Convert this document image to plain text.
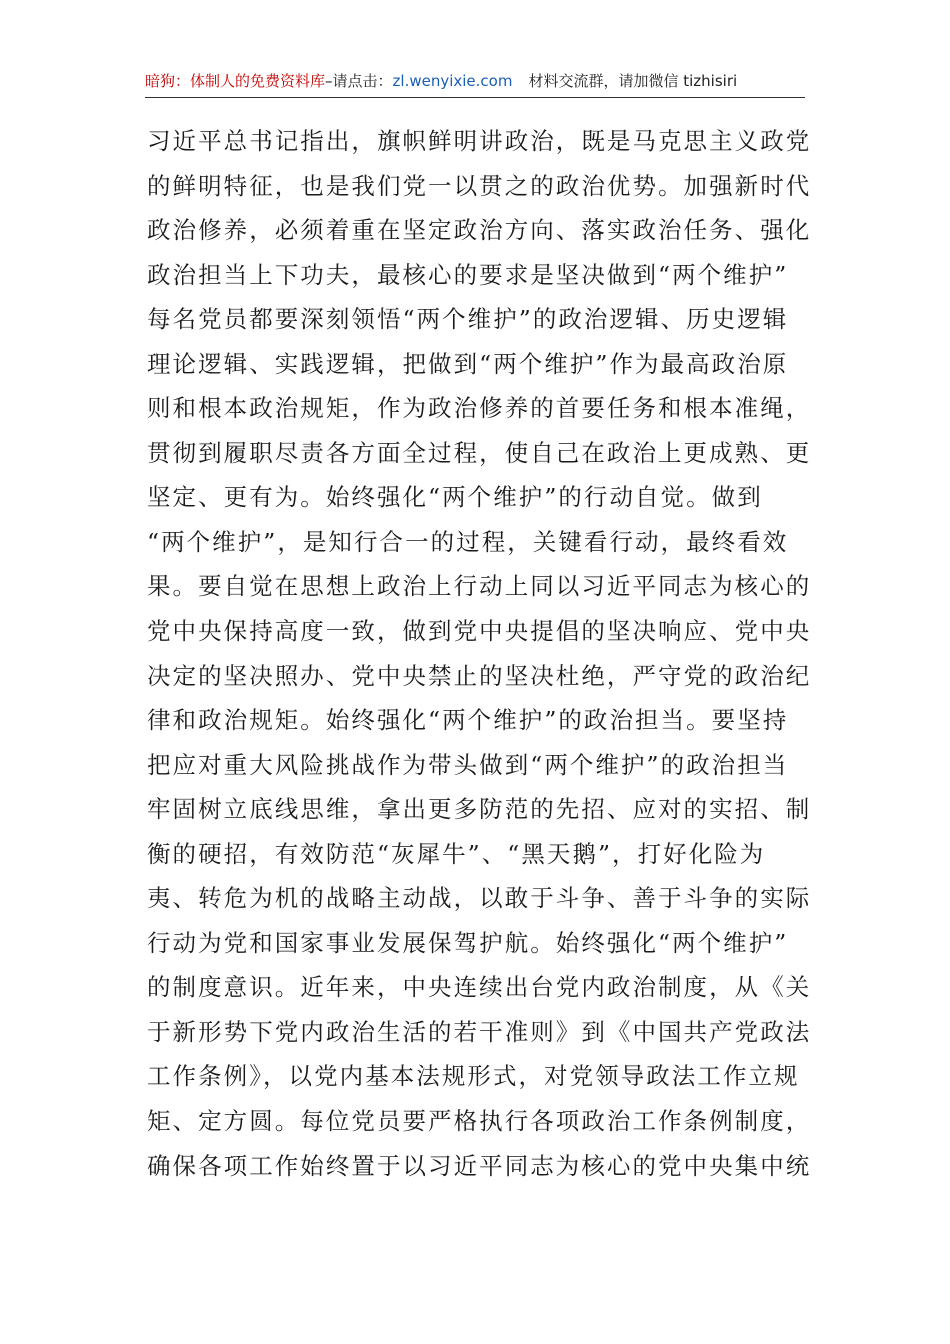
暗狗：体制人的免费资料库–请点击：zl.wenyixie.com 材料交流群，请加微信 tizhisiri
习近平总书记指出，旗帜鲜明讲政治，既是马克思主义政党
的鲜明特征，也是我们党一以贯之的政治优势。加强新时代
政治修养，必须着重在坚定政治方向、落实政治任务、强化
政治担当上下功夫，最核心的要求是坚决做到“两个维护”
每名党员都要深刻领悟“两个维护”的政治逻辑、历史逻辑
理论逻辑、实践逻辑，把做到“两个维护”作为最高政治原
则和根本政治规矩，作为政治修养的首要任务和根本准绳，
贯彻到履职尽责各方面全过程，使自己在政治上更成熟、更
坚定、更有为。始终强化“两个维护”的行动自觉。做到
“两个维护”，是知行合一的过程，关键看行动，最终看效
果。要自觉在思想上政治上行动上同以习近平同志为核心的
党中央保持高度一致，做到党中央提倡的坚决响应、党中央
决定的坚决照办、党中央禁止的坚决杜绝，严守党的政治纪
律和政治规矩。始终强化“两个维护”的政治担当。要坚持
把应对重大风险挑战作为带头做到“两个维护”的政治担当
牢固树立底线思维，拿出更多防范的先招、应对的实招、制
衡的硬招，有效防范“灰犀牛”、“黑天鹅”，打好化险为
夷、转危为机的战略主动战，以敢于斗争、善于斗争的实际
行动为党和国家事业发展保驾护航。始终强化“两个维护”
的制度意识。近年来，中央连续出台党内政治制度，从《关
于新形势下党内政治生活的若干准则》到《中国共产党政法
工作条例》，以党内基本法规形式，对党领导政法工作立规
矩、定方圆。每位党员要严格执行各项政治工作条例制度，
确保各项工作始终置于以习近平同志为核心的党中央集中统
